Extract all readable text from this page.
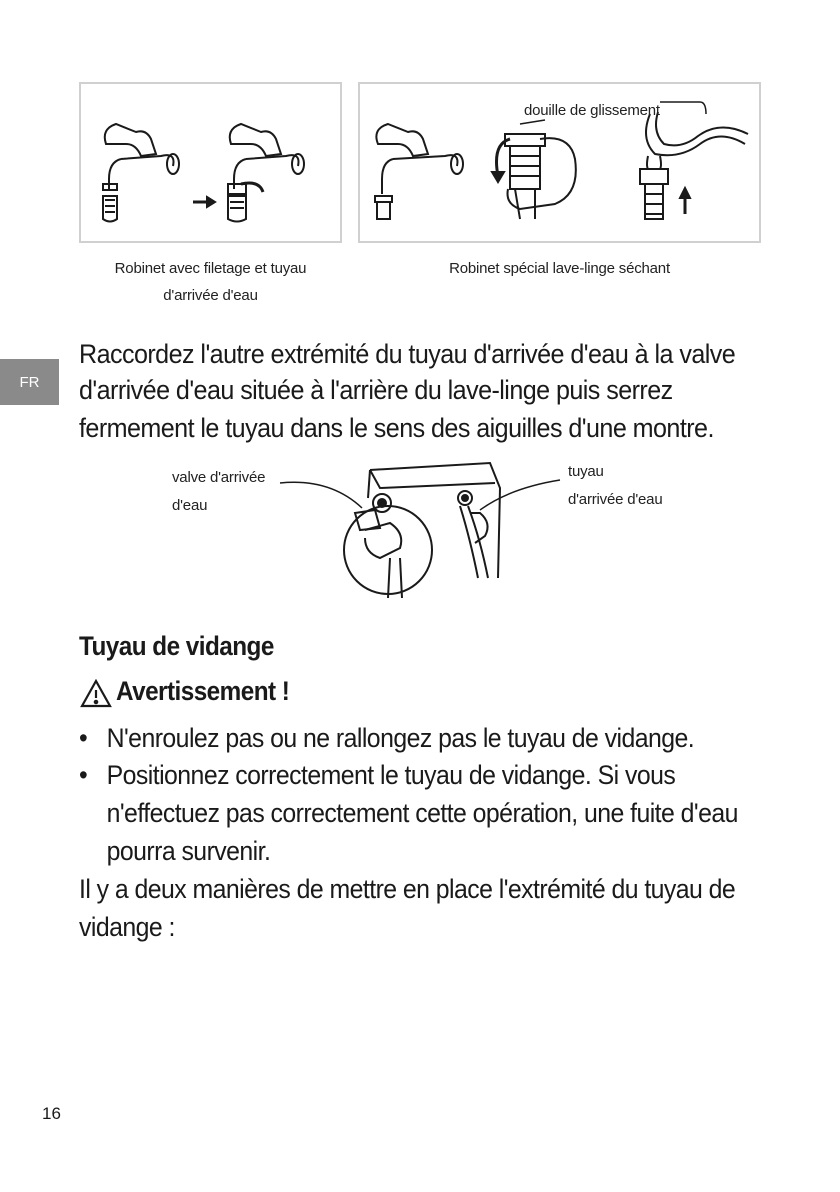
FR
douille de glissement
Robinet avec filetage et tuyau
d'arrivée d'eau
Robinet spécial lave-linge séchant
Raccordez l'autre extrémité du tuyau d'arrivée d'eau à la valve
d'arrivée d'eau située à l'arrière du lave-linge puis serrez
fermement le tuyau dans le sens des aiguilles d'une montre.
valve d'arrivée
d'eau
tuyau
d'arrivée d'eau
Tuyau de vidange
Avertissement !
• N'enroulez pas ou ne rallongez pas le tuyau de vidange.
• Positionnez correctement le tuyau de vidange. Si vous
n'effectuez pas correctement cette opération, une fuite d'eau
pourra survenir.
Il y a deux manières de mettre en place l'extrémité du tuyau de
vidange :
16
